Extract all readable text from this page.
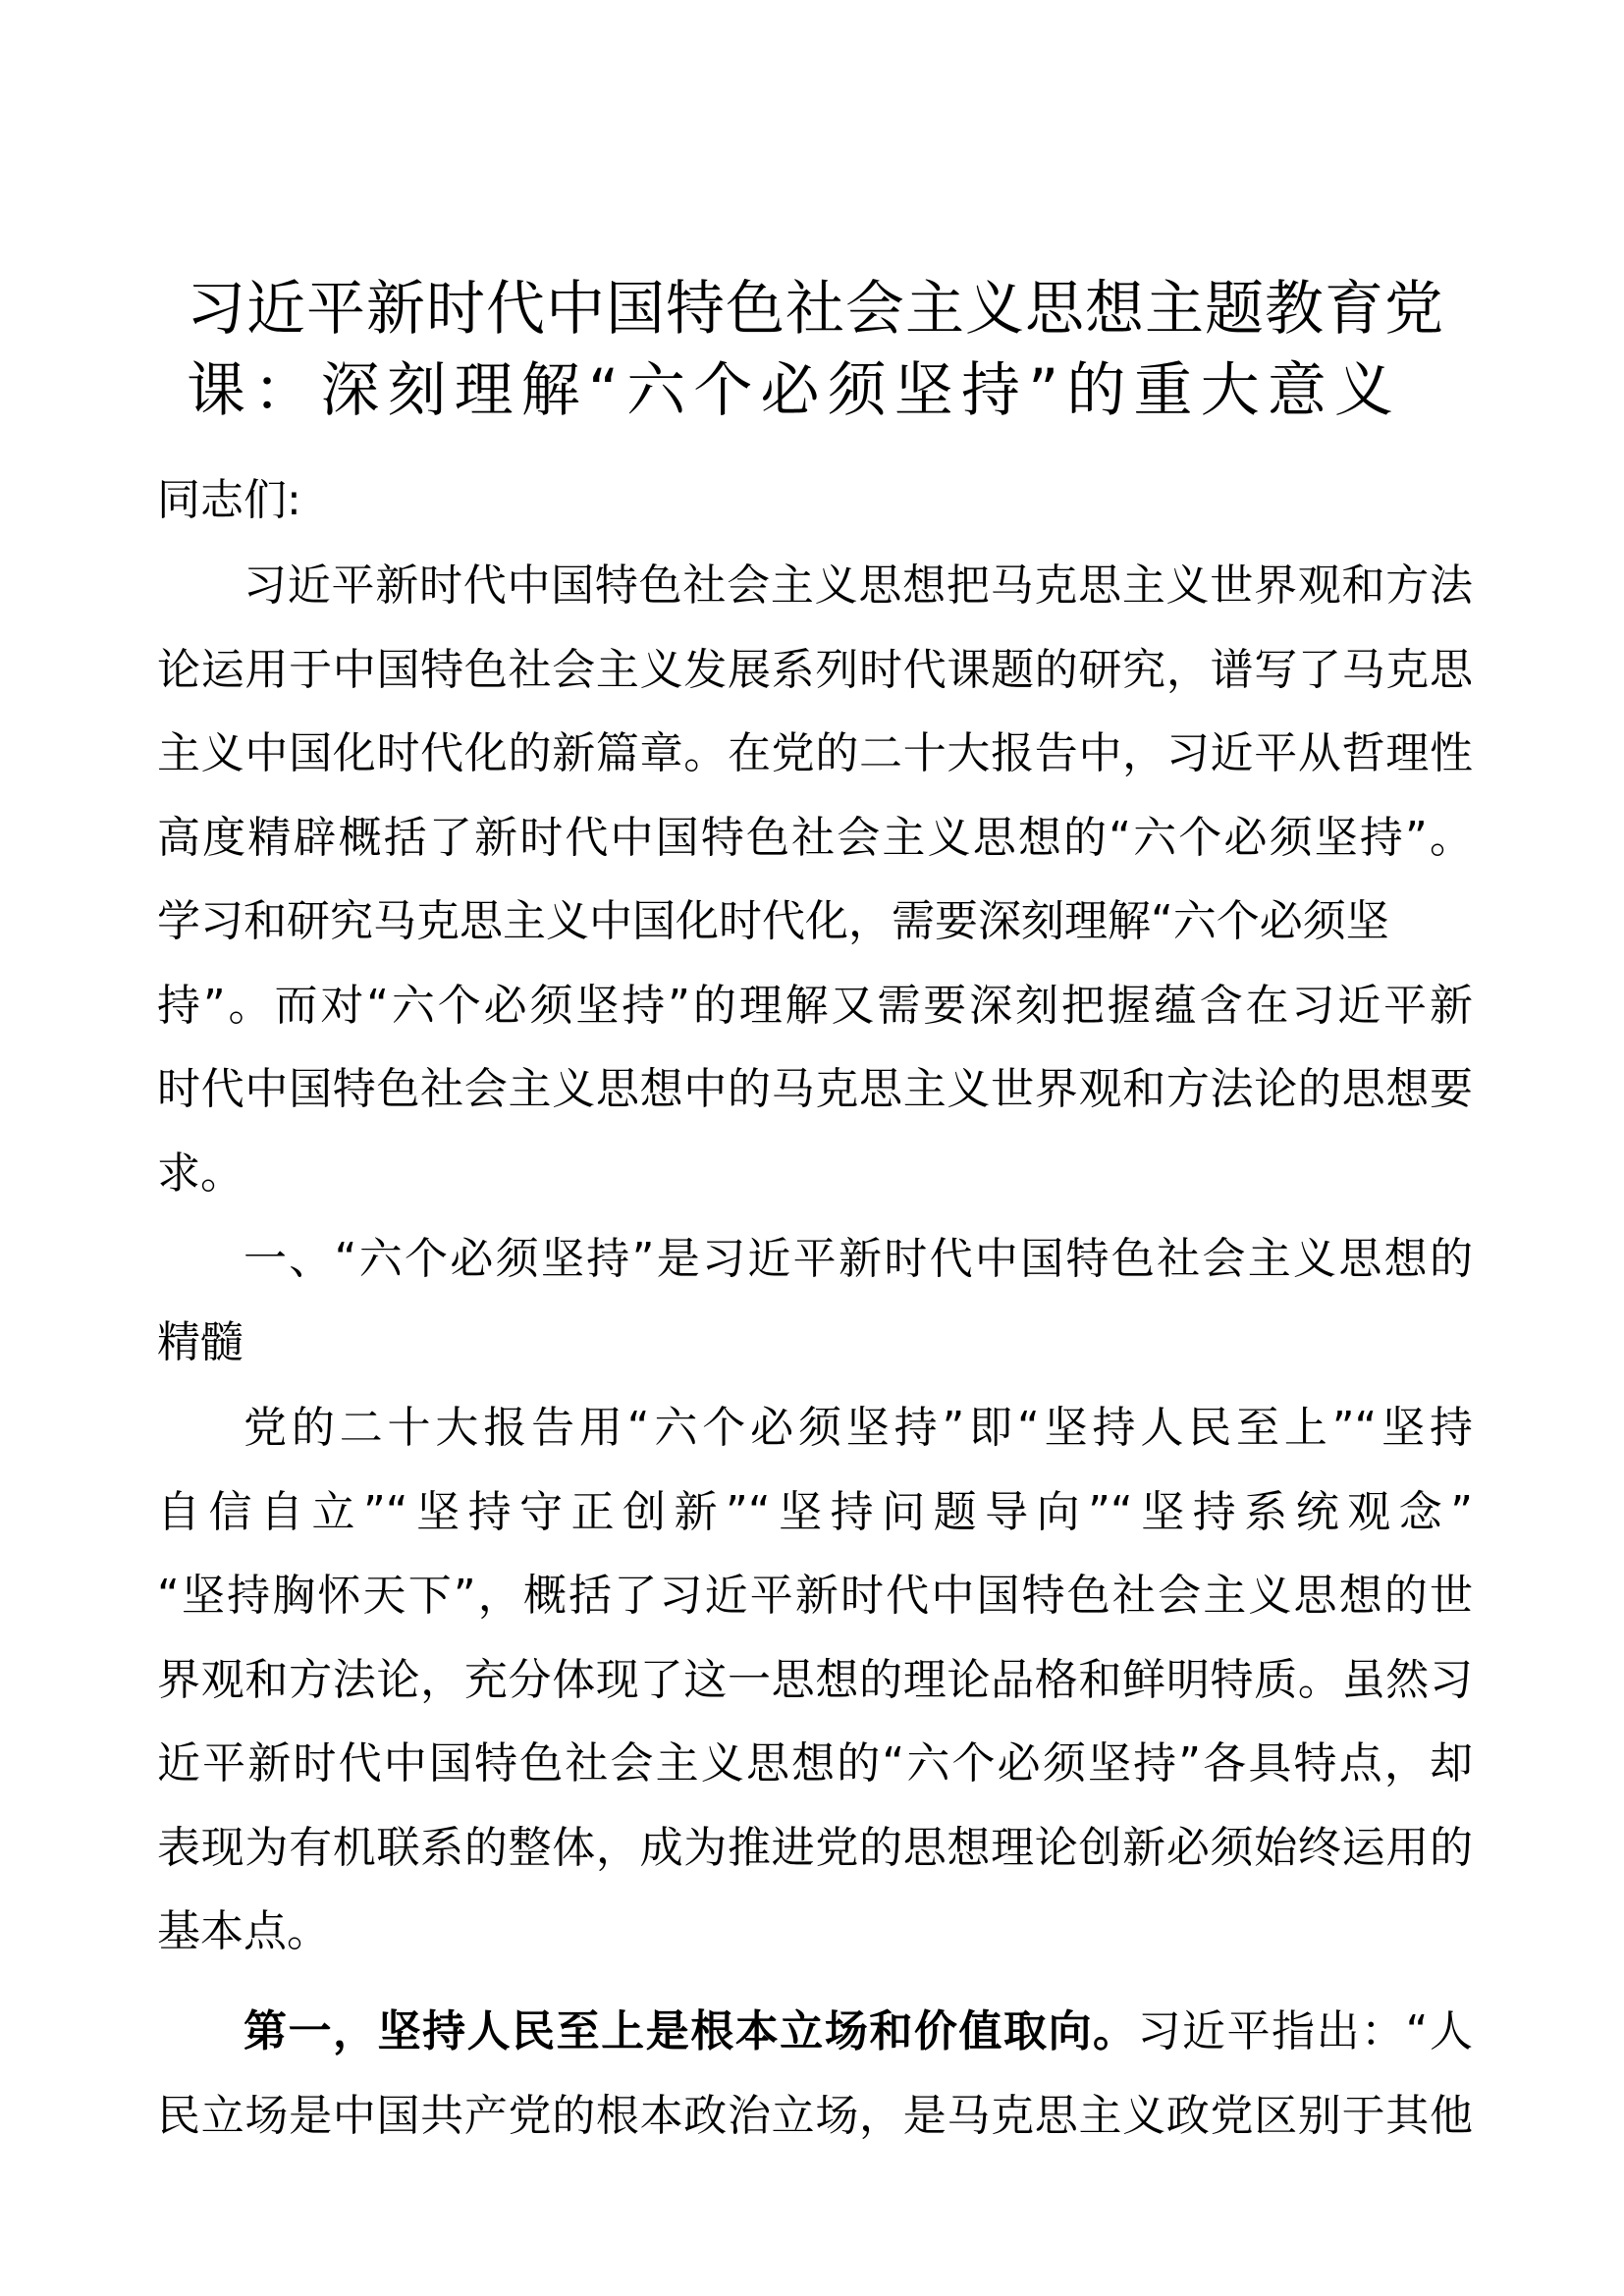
习近平新时代中国特色社会主义思想主题教育党
课：深刻理解“六个必须坚持”的重大意义
同志们:
习近平新时代中国特色社会主义思想把马克思主义世界观和方法
论运用于中国特色社会主义发展系列时代课题的研究，谱写了马克思
主义中国化时代化的新篇章。在党的二十大报告中，习近平从哲理性
高度精辟概括了新时代中国特色社会主义思想的“六个必须坚持”。
学习和研究马克思主义中国化时代化，需要深刻理解“六个必须坚
持”。而对“六个必须坚持”的理解又需要深刻把握蕴含在习近平新
时代中国特色社会主义思想中的马克思主义世界观和方法论的思想要
求。
一、“六个必须坚持”是习近平新时代中国特色社会主义思想的
精髓
党的二十大报告用“六个必须坚持”即“坚持人民至上”“坚持
自信自立”“坚持守正创新”“坚持问题导向”“坚持系统观念”
“坚持胸怀天下”，概括了习近平新时代中国特色社会主义思想的世
界观和方法论，充分体现了这一思想的理论品格和鲜明特质。虽然习
近平新时代中国特色社会主义思想的“六个必须坚持”各具特点，却
表现为有机联系的整体，成为推进党的思想理论创新必须始终运用的
基本点。
第一，坚持人民至上是根本立场和价值取向。习近平指出：“人
民立场是中国共产党的根本政治立场，是马克思主义政党区别于其他
